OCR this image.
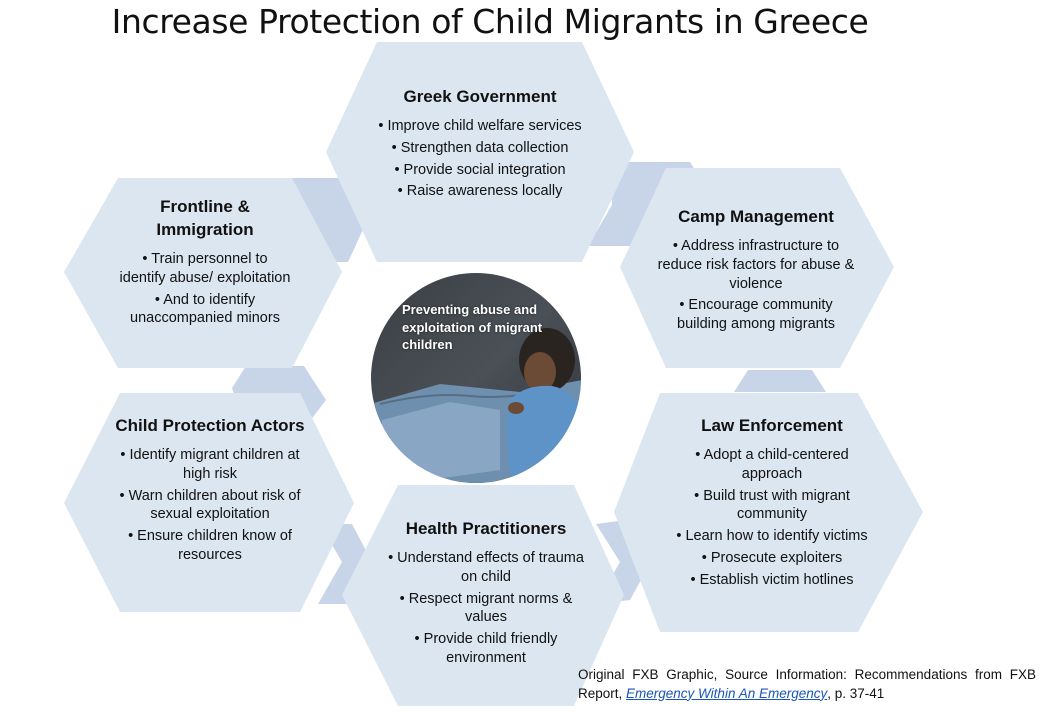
Increase Protection of Child Migrants in Greece
Preventing abuse and exploitation of migrant children
Greek Government
• Improve child welfare services
• Strengthen data collection
• Provide social integration
• Raise awareness locally
Camp Management
• Address infrastructure to reduce risk factors for abuse & violence
• Encourage community building among migrants
Law Enforcement
• Adopt a child-centered approach
• Build trust with migrant community
• Learn how to identify victims
• Prosecute exploiters
• Establish victim hotlines
Health Practitioners
• Understand effects of trauma on child
• Respect migrant norms & values
• Provide child friendly environment
Child Protection Actors
• Identify migrant children at high risk
• Warn children about risk of sexual exploitation
• Ensure children know of resources
Frontline & Immigration
• Train personnel to identify abuse/ exploitation
• And to identify unaccompanied minors
Original FXB Graphic, Source Information: Recommendations from FXB Report, Emergency Within An Emergency, p. 37-41
